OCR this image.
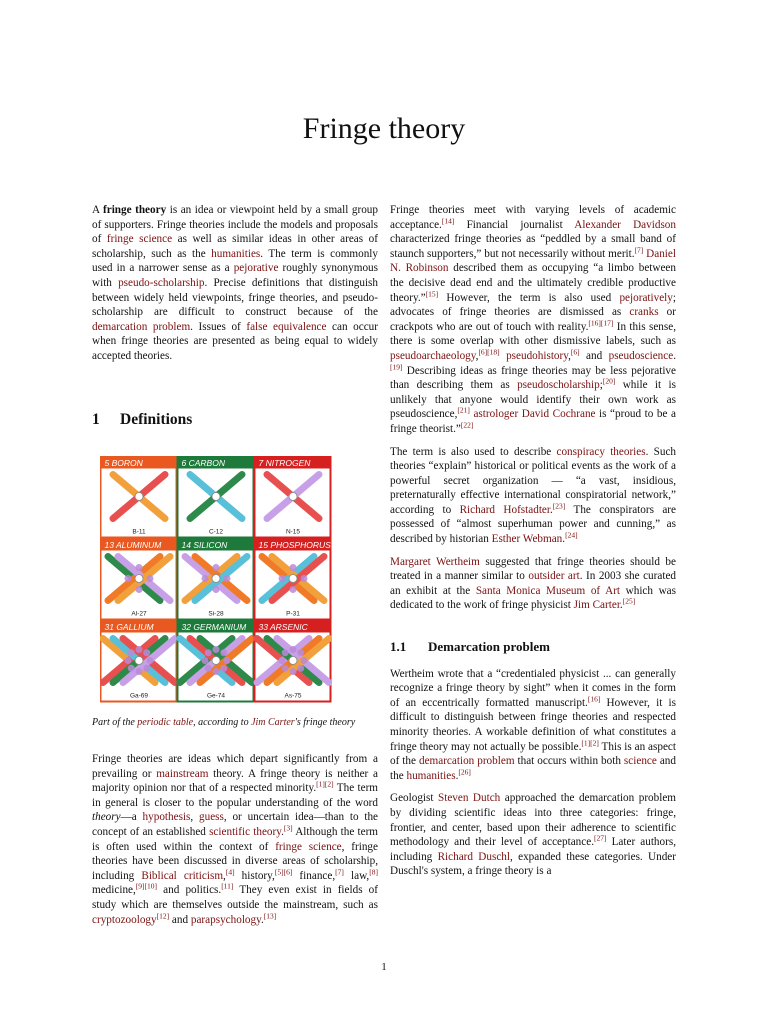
Fringe theory
A fringe theory is an idea or viewpoint held by a small group of supporters. Fringe theories include the models and proposals of fringe science as well as similar ideas in other areas of scholarship, such as the humanities. The term is commonly used in a narrower sense as a pejorative roughly synonymous with pseudo-scholarship. Precise definitions that distinguish between widely held viewpoints, fringe theories, and pseudo-scholarship are difficult to construct because of the demarcation problem. Issues of false equivalence can occur when fringe theories are presented as being equal to widely accepted theories.
1 Definitions
5 BORON
B-11
6 CARBON
C-12
7 NITROGEN
N-15
13 ALUMINUM
Al-27
14 SILICON
Si-28
15 PHOSPHORUS
P-31
31 GALLIUM
Ga-69
32 GERMANIUM
Ge-74
33 ARSENIC
As-75
Part of the periodic table, according to Jim Carter's fringe theory
Fringe theories are ideas which depart significantly from a prevailing or mainstream theory. A fringe theory is neither a majority opinion nor that of a respected minority.[1][2] The term in general is closer to the popular understanding of the word theory—a hypothesis, guess, or uncertain idea—than to the concept of an established scientific theory.[3] Although the term is often used within the context of fringe science, fringe theories have been discussed in diverse areas of scholarship, including Biblical criticism,[4] history,[5][6] finance,[7] law,[8] medicine,[9][10] and politics.[11] They even exist in fields of study which are themselves outside the mainstream, such as cryptozoology[12] and parapsychology.[13]

Fringe theories meet with varying levels of academic acceptance.[14] Financial journalist Alexander Davidson characterized fringe theories as “peddled by a small band of staunch supporters,” but not necessarily without merit.[7] Daniel N. Robinson described them as occupying “a limbo between the decisive dead end and the ultimately credible productive theory.”[15] However, the term is also used pejoratively; advocates of fringe theories are dismissed as cranks or crackpots who are out of touch with reality.[16][17] In this sense, there is some overlap with other dismissive labels, such as pseudoarchaeology,[6][18] pseudohistory,[6] and pseudoscience.[19] Describing ideas as fringe theories may be less pejorative than describing them as pseudoscholarship;[20] while it is unlikely that anyone would identify their own work as pseudoscience,[21] astrologer David Cochrane is “proud to be a fringe theorist.”[22]

The term is also used to describe conspiracy theories. Such theories “explain” historical or political events as the work of a powerful secret organization — “a vast, insidious, preternaturally effective international conspiratorial network,” according to Richard Hofstadter.[23] The conspirators are possessed of “almost superhuman power and cunning,” as described by historian Esther Webman.[24]

Margaret Wertheim suggested that fringe theories should be treated in a manner similar to outsider art. In 2003 she curated an exhibit at the Santa Monica Museum of Art which was dedicated to the work of fringe physicist Jim Carter.[25]

1.1 Demarcation problem

Wertheim wrote that a “credentialed physicist ... can generally recognize a fringe theory by sight” when it comes in the form of an eccentrically formatted manuscript.[16] However, it is difficult to distinguish between fringe theories and respected minority theories. A workable definition of what constitutes a fringe theory may not actually be possible.[1][2] This is an aspect of the demarcation problem that occurs within both science and the humanities.[26]

Geologist Steven Dutch approached the demarcation problem by dividing scientific ideas into three categories: fringe, frontier, and center, based upon their adherence to scientific methodology and their level of acceptance.[27] Later authors, including Richard Duschl, expanded these categories. Under Duschl's system, a fringe theory is a

1
